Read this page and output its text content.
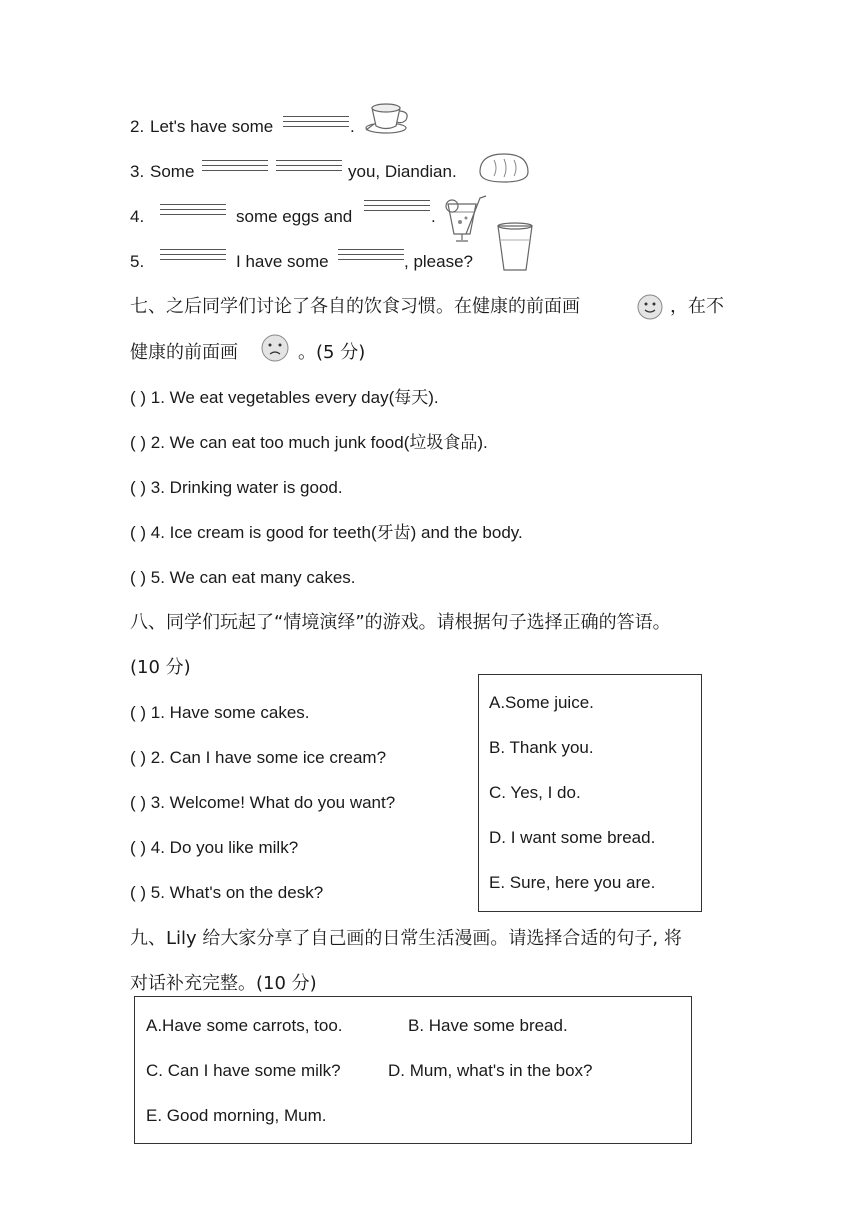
2. Let's have some	.
3. Some	you, Diandian.
4.	some eggs and	.
5.	I have some	, please?
七、之后同学们讨论了各自的饮食习惯。在健康的前面画	，在不
健康的前面画	。(5 分)
( ) 1. We eat vegetables every day(每天).
( ) 2. We can eat too much junk food(垃圾食品).
( ) 3. Drinking water is good.
( ) 4. Ice cream is good for teeth(牙齿) and the body.
( ) 5. We can eat many cakes.
八、同学们玩起了“情境演绎”的游戏。请根据句子选择正确的答语。
(10 分)
( ) 1. Have some cakes.
( ) 2. Can I have some ice cream?
( ) 3. Welcome! What do you want?
( ) 4. Do you like milk?
( ) 5. What's on the desk?
A.Some juice.
B. Thank you.
C. Yes, I do.
D. I want some bread.
E. Sure, here you are.
九、Lily 给大家分享了自己画的日常生活漫画。请选择合适的句子, 将
对话补充完整。(10 分)
A.Have some carrots, too.	B. Have some bread.
C. Can I have some milk?	D. Mum, what's in the box?
E. Good morning, Mum.
